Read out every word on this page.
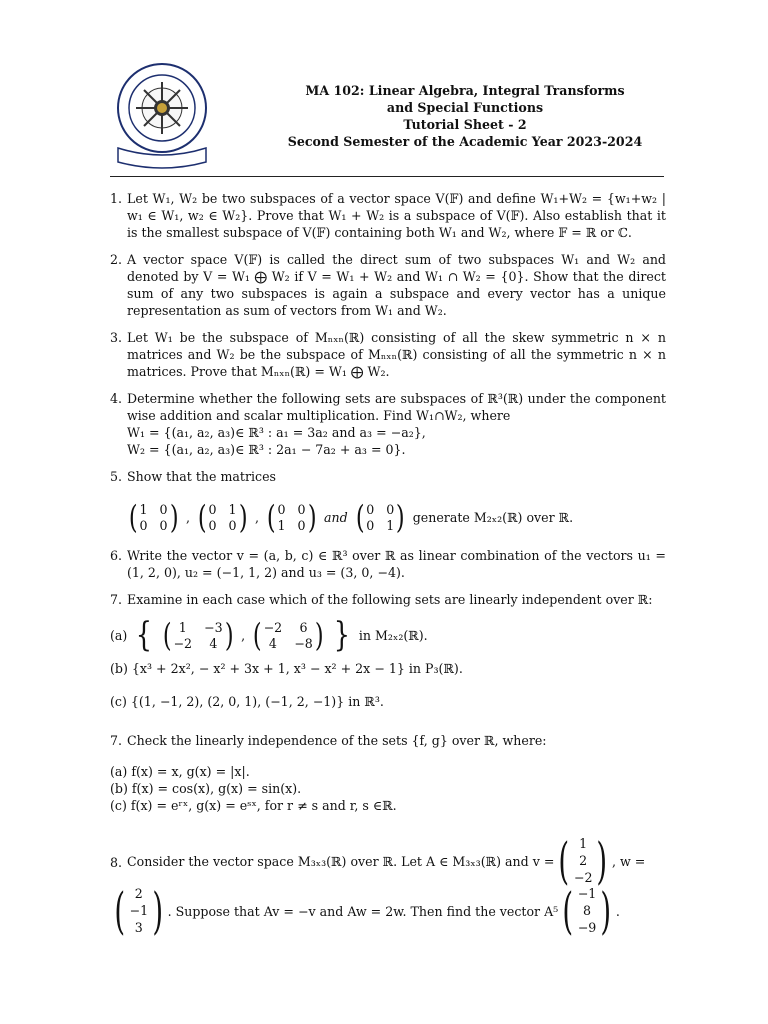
MA 102: Linear Algebra, Integral Transforms
and Special Functions
Tutorial Sheet - 2
Second Semester of the Academic Year 2023-2024
1. Let W₁, W₂ be two subspaces of a vector space V(𝔽) and define W₁+W₂ = {w₁+w₂ | w₁ ∈ W₁, w₂ ∈ W₂}. Prove that W₁ + W₂ is a subspace of V(𝔽). Also establish that it is the smallest subspace of V(𝔽) containing both W₁ and W₂, where 𝔽 = ℝ or ℂ.
2. A vector space V(𝔽) is called the direct sum of two subspaces W₁ and W₂ and denoted by V = W₁ ⨁ W₂ if V = W₁ + W₂ and W₁ ∩ W₂ = {0}. Show that the direct sum of any two subspaces is again a subspace and every vector has a unique representation as sum of vectors from W₁ and W₂.
3. Let W₁ be the subspace of Mₙₓₙ(ℝ) consisting of all the skew symmetric n × n matrices and W₂ be the subspace of Mₙₓₙ(ℝ) consisting of all the symmetric n × n matrices. Prove that Mₙₓₙ(ℝ) = W₁ ⨁ W₂.
4. Determine whether the following sets are subspaces of ℝ³(ℝ) under the component wise addition and scalar multiplication. Find W₁∩W₂, where
W₁ = {(a₁, a₂, a₃)∈ ℝ³ : a₁ = 3a₂ and a₃ = −a₂},
W₂ = {(a₁, a₂, a₃)∈ ℝ³ : 2a₁ − 7a₂ + a₃ = 0}.
5. Show that the matrices
( 1 0
0 0 ) , ( 0 1
0 0 ) , ( 0 0
1 0 ) and ( 0 0
0 1 ) generate M₂ₓ₂(ℝ) over ℝ.
6. Write the vector v = (a, b, c) ∈ ℝ³ over ℝ as linear combination of the vectors u₁ = (1, 2, 0), u₂ = (−1, 1, 2) and u₃ = (3, 0, −4).
7. Examine in each case which of the following sets are linearly independent over ℝ:
(a) { ( 1	−3
−2	4 ) , ( −2	6
4	−8 ) } in M₂ₓ₂(ℝ).
(b) {x³ + 2x², − x² + 3x + 1, x³ − x² + 2x − 1} in P₃(ℝ).
(c) {(1, −1, 2), (2, 0, 1), (−1, 2, −1)} in ℝ³.
7. Check the linearly independence of the sets {f, g} over ℝ, where:
(a) f(x) = x, g(x) = |x|.
(b) f(x) = cos(x), g(x) = sin(x).
(c) f(x) = eʳˣ, g(x) = eˢˣ, for r ≠ s and r, s ∈ℝ.
8. Consider the vector space M₃ₓ₃(ℝ) over ℝ. Let A ∈ M₃ₓ₃(ℝ) and v = ( 1
2
−2 ) , w =
( 2
−1
3 ) . Suppose that Av = −v and Aw = 2w. Then find the vector A⁵ ( −1
8
−9 ) .
